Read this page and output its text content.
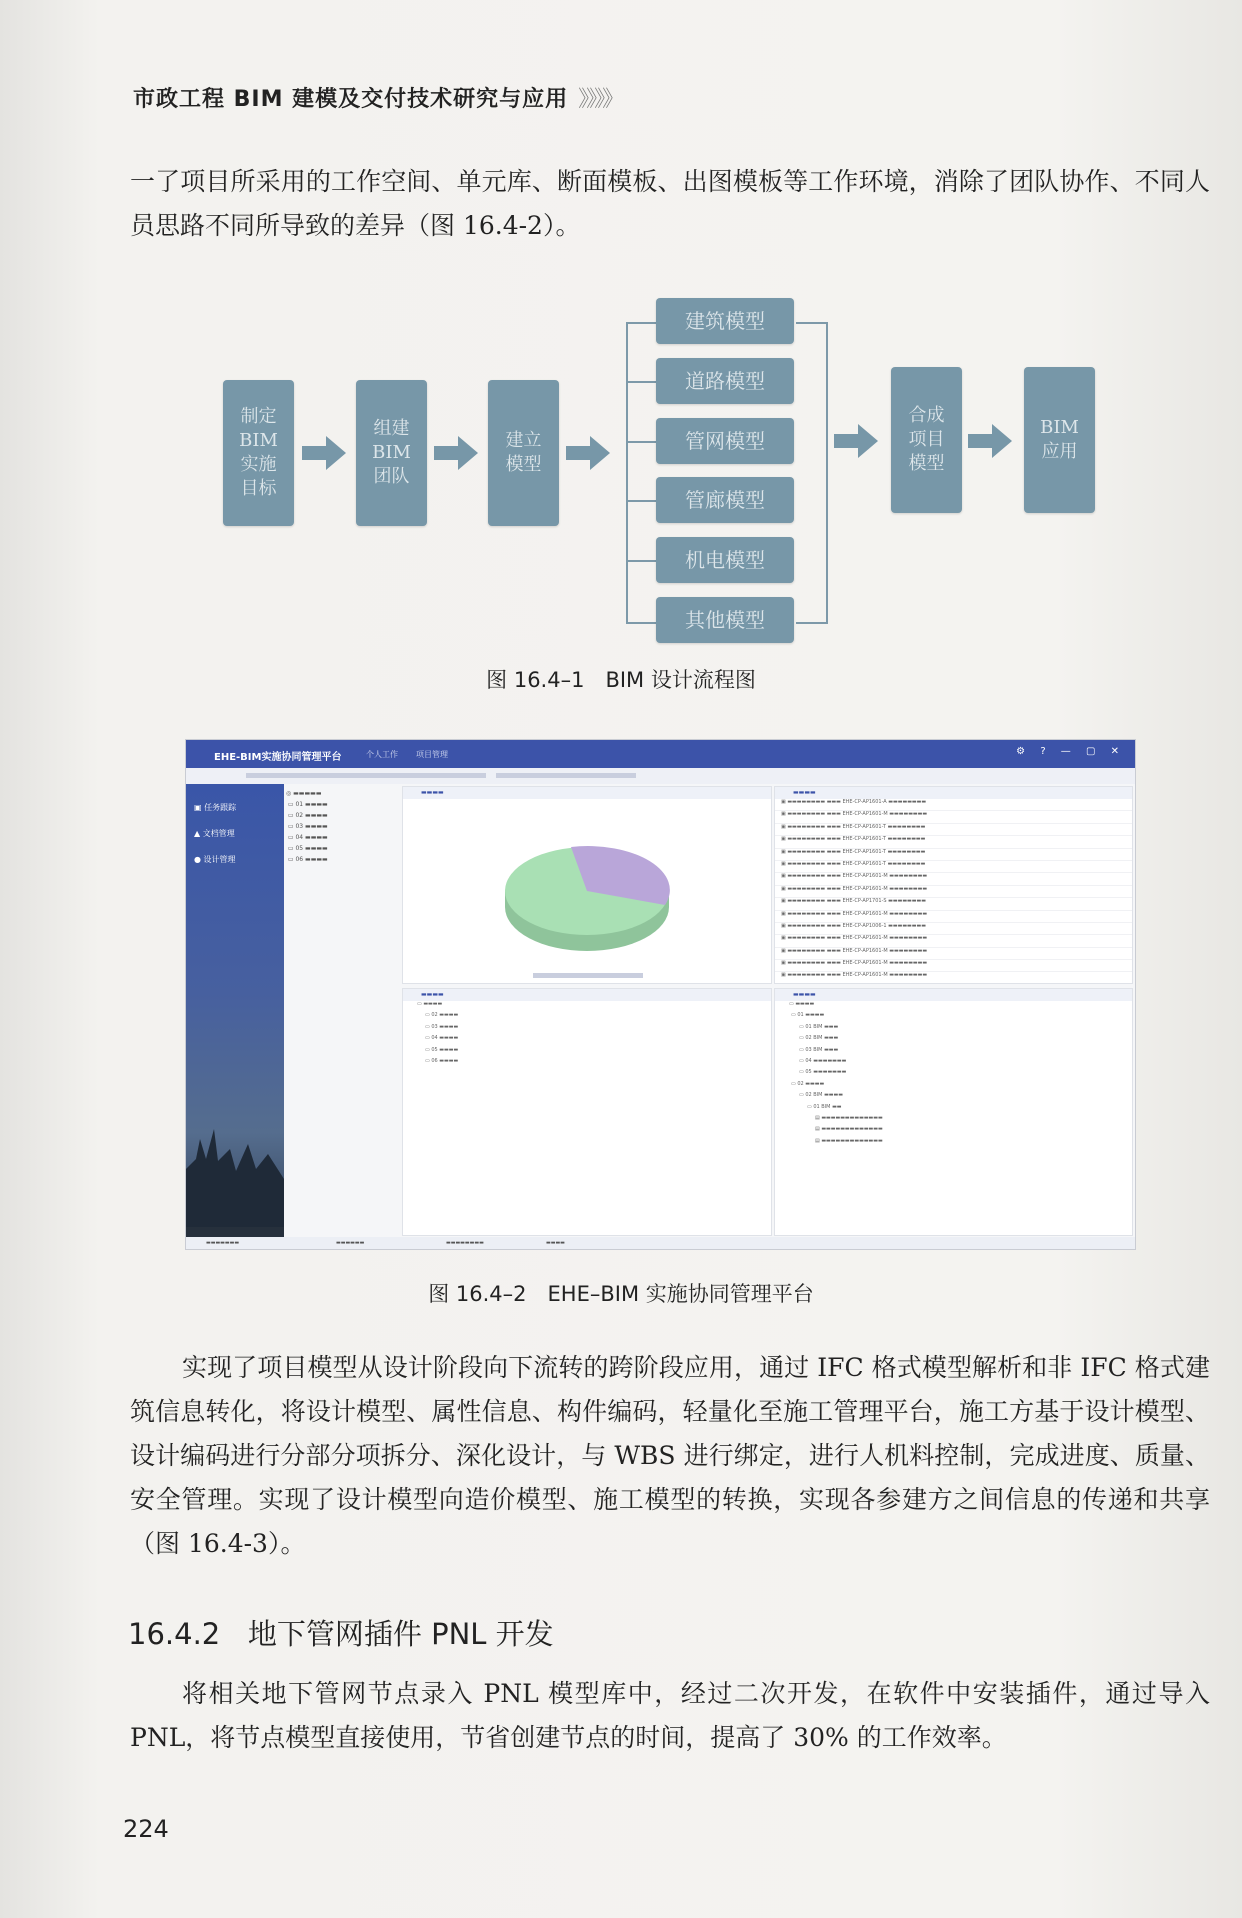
市政工程 BIM 建模及交付技术研究与应用 》》》》

一了项目所采用的工作空间、单元库、断面模板、出图模板等工作环境，消除了团队协作、不同人员思路不同所导致的差异（图 16.4-2）。

制定
BIM
实施
目标
组建
BIM
团队
建立
模型
建筑模型
道路模型
管网模型
管廊模型
机电模型
其他模型
合成
项目
模型
BIM
应用
图 16.4–1　BIM 设计流程图
EHE-BIM实施协同管理平台	个人工作 项目管理	⚙ ? — ▢ ✕
▣ 任务跟踪
▲ 文档管理
● 设计管理
◎ ▬▬▬▬▬
▭ 01 ▬▬▬▬
▭ 02 ▬▬▬▬
▭ 03 ▬▬▬▬
▭ 04 ▬▬▬▬
▭ 05 ▬▬▬▬
▭ 06 ▬▬▬▬
▬▬▬▬	▬▬▬▬
▣ ▬▬▬▬▬▬▬▬ ▬▬▬ EHE-CP-AP1601-A ▬▬▬▬▬▬▬▬
▣ ▬▬▬▬▬▬▬▬ ▬▬▬ EHE-CP-AP1601-M ▬▬▬▬▬▬▬▬
▣ ▬▬▬▬▬▬▬▬ ▬▬▬ EHE-CP-AP1601-T ▬▬▬▬▬▬▬▬
▣ ▬▬▬▬▬▬▬▬ ▬▬▬ EHE-CP-AP1601-T ▬▬▬▬▬▬▬▬
▣ ▬▬▬▬▬▬▬▬ ▬▬▬ EHE-CP-AP1601-T ▬▬▬▬▬▬▬▬
▣ ▬▬▬▬▬▬▬▬ ▬▬▬ EHE-CP-AP1601-T ▬▬▬▬▬▬▬▬
▣ ▬▬▬▬▬▬▬▬ ▬▬▬ EHE-CP-AP1601-M ▬▬▬▬▬▬▬▬
▣ ▬▬▬▬▬▬▬▬ ▬▬▬ EHE-CP-AP1601-M ▬▬▬▬▬▬▬▬
▣ ▬▬▬▬▬▬▬▬ ▬▬▬ EHE-CP-AP1701-S ▬▬▬▬▬▬▬▬
▣ ▬▬▬▬▬▬▬▬ ▬▬▬ EHE-CP-AP1601-M ▬▬▬▬▬▬▬▬
▣ ▬▬▬▬▬▬▬▬ ▬▬▬ EHE-CP-AP1006-1 ▬▬▬▬▬▬▬▬
▣ ▬▬▬▬▬▬▬▬ ▬▬▬ EHE-CP-AP1601-M ▬▬▬▬▬▬▬▬
▣ ▬▬▬▬▬▬▬▬ ▬▬▬ EHE-CP-AP1601-M ▬▬▬▬▬▬▬▬
▣ ▬▬▬▬▬▬▬▬ ▬▬▬ EHE-CP-AP1601-M ▬▬▬▬▬▬▬▬
▣ ▬▬▬▬▬▬▬▬ ▬▬▬ EHE-CP-AP1601-M ▬▬▬▬▬▬▬▬
▬▬▬▬
▭ ▬▬▬▬
▭ 02 ▬▬▬▬
▭ 03 ▬▬▬▬
▭ 04 ▬▬▬▬
▭ 05 ▬▬▬▬
▭ 06 ▬▬▬▬
▬▬▬▬
▭ ▬▬▬▬
▭ 01 ▬▬▬▬
▭ 01 BIM ▬▬▬
▭ 02 BIM ▬▬▬
▭ 03 BIM ▬▬▬
▭ 04 ▬▬▬▬▬▬▬
▭ 05 ▬▬▬▬▬▬▬
▭ 02 ▬▬▬▬
▭ 02 BIM ▬▬▬▬
▭ 01 BIM ▬▬
▤ ▬▬▬▬▬▬▬▬▬▬▬▬▬
▤ ▬▬▬▬▬▬▬▬▬▬▬▬▬
▤ ▬▬▬▬▬▬▬▬▬▬▬▬▬
▬▬▬▬▬▬▬	▬▬▬▬▬▬	▬▬▬▬▬▬▬▬	▬▬▬▬
图 16.4–2　EHE–BIM 实施协同管理平台

实现了项目模型从设计阶段向下流转的跨阶段应用，通过 IFC 格式模型解析和非 IFC 格式建筑信息转化，将设计模型、属性信息、构件编码，轻量化至施工管理平台，施工方基于设计模型、设计编码进行分部分项拆分、深化设计，与 WBS 进行绑定，进行人机料控制，完成进度、质量、安全管理。实现了设计模型向造价模型、施工模型的转换，实现各参建方之间信息的传递和共享（图 16.4-3）。

16.4.2 地下管网插件 PNL 开发

将相关地下管网节点录入 PNL 模型库中，经过二次开发，在软件中安装插件，通过导入 PNL，将节点模型直接使用，节省创建节点的时间，提高了 30% 的工作效率。

224
